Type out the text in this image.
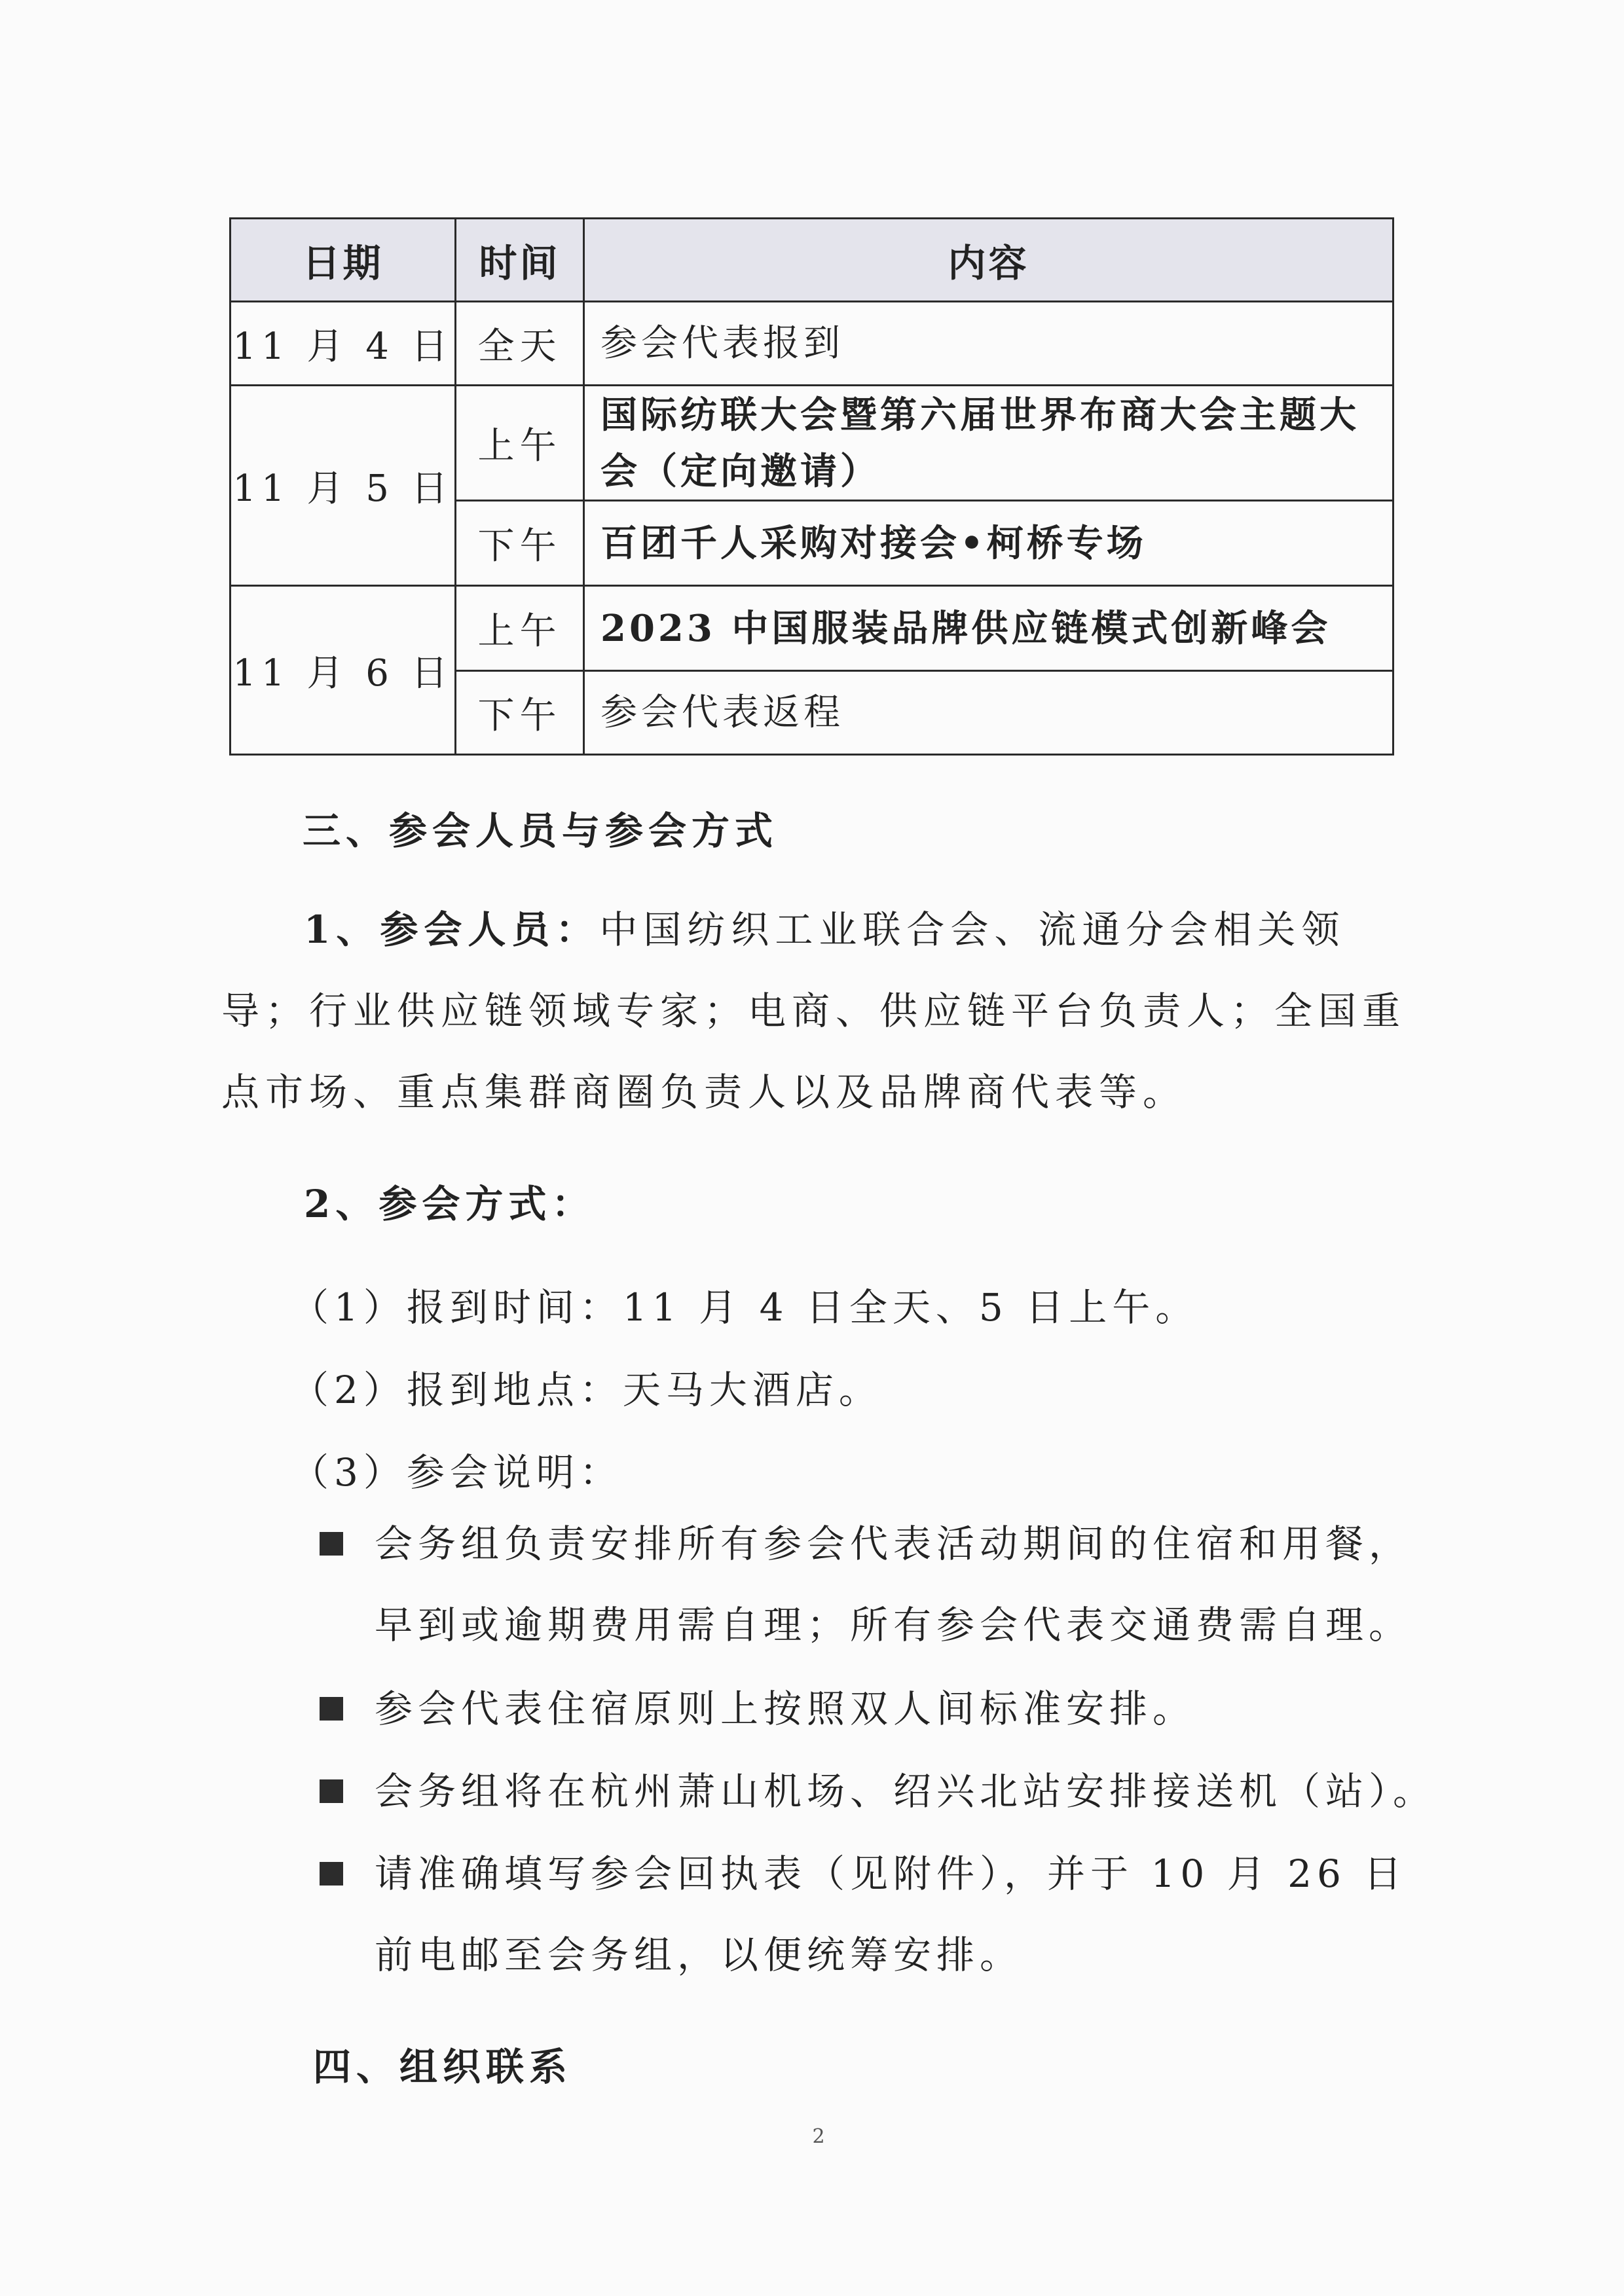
日期	时间	内容
11 月 4 日	全天	参会代表报到
11 月 5 日	上午	国际纺联大会暨第六届世界布商大会主题大会（定向邀请）
	下午	百团千人采购对接会•柯桥专场
11 月 6 日	上午	2023 中国服装品牌供应链模式创新峰会
	下午	参会代表返程
三、参会人员与参会方式
1、参会人员：中国纺织工业联合会、流通分会相关领导；行业供应链领域专家；电商、供应链平台负责人；全国重点市场、重点集群商圈负责人以及品牌商代表等。
2、参会方式：
（1）报到时间：11 月 4 日全天、5 日上午。
（2）报到地点：天马大酒店。
（3）参会说明：
会务组负责安排所有参会代表活动期间的住宿和用餐，早到或逾期费用需自理；所有参会代表交通费需自理。
参会代表住宿原则上按照双人间标准安排。
会务组将在杭州萧山机场、绍兴北站安排接送机（站）。
请准确填写参会回执表（见附件），并于 10 月 26 日前电邮至会务组，以便统筹安排。
四、组织联系
2
